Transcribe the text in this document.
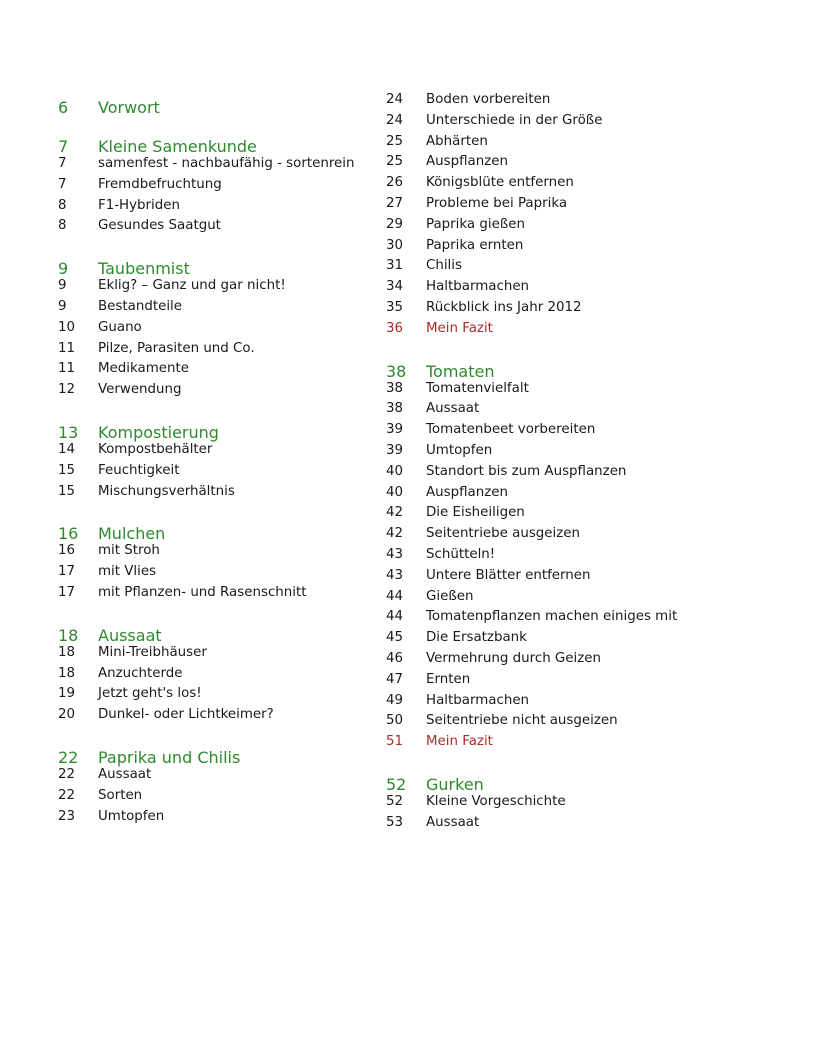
6	Vorwort
7	Kleine Samenkunde
7	samenfest - nachbaufähig - sortenrein
7	Fremdbefruchtung
8	F1-Hybriden
8	Gesundes Saatgut
9	Taubenmist
9	Eklig? – Ganz und gar nicht!
9	Bestandteile
10	Guano
11	Pilze, Parasiten und Co.
11	Medikamente
12	Verwendung
13	Kompostierung
14	Kompostbehälter
15	Feuchtigkeit
15	Mischungsverhältnis
16	Mulchen
16	mit Stroh
17	mit Vlies
17	mit Pflanzen- und Rasenschnitt
18	Aussaat
18	Mini-Treibhäuser
18	Anzuchterde
19	Jetzt geht's los!
20	Dunkel- oder Lichtkeimer?
22	Paprika und Chilis
22	Aussaat
22	Sorten
23	Umtopfen
24	Boden vorbereiten
24	Unterschiede in der Größe
25	Abhärten
25	Auspflanzen
26	Königsblüte entfernen
27	Probleme bei Paprika
29	Paprika gießen
30	Paprika ernten
31	Chilis
34	Haltbarmachen
35	Rückblick ins Jahr 2012
36	Mein Fazit
38	Tomaten
38	Tomatenvielfalt
38	Aussaat
39	Tomatenbeet vorbereiten
39	Umtopfen
40	Standort bis zum Auspflanzen
40	Auspflanzen
42	Die Eisheiligen
42	Seitentriebe ausgeizen
43	Schütteln!
43	Untere Blätter entfernen
44	Gießen
44	Tomatenpflanzen machen einiges mit
45	Die Ersatzbank
46	Vermehrung durch Geizen
47	Ernten
49	Haltbarmachen
50	Seitentriebe nicht ausgeizen
51	Mein Fazit
52	Gurken
52	Kleine Vorgeschichte
53	Aussaat
